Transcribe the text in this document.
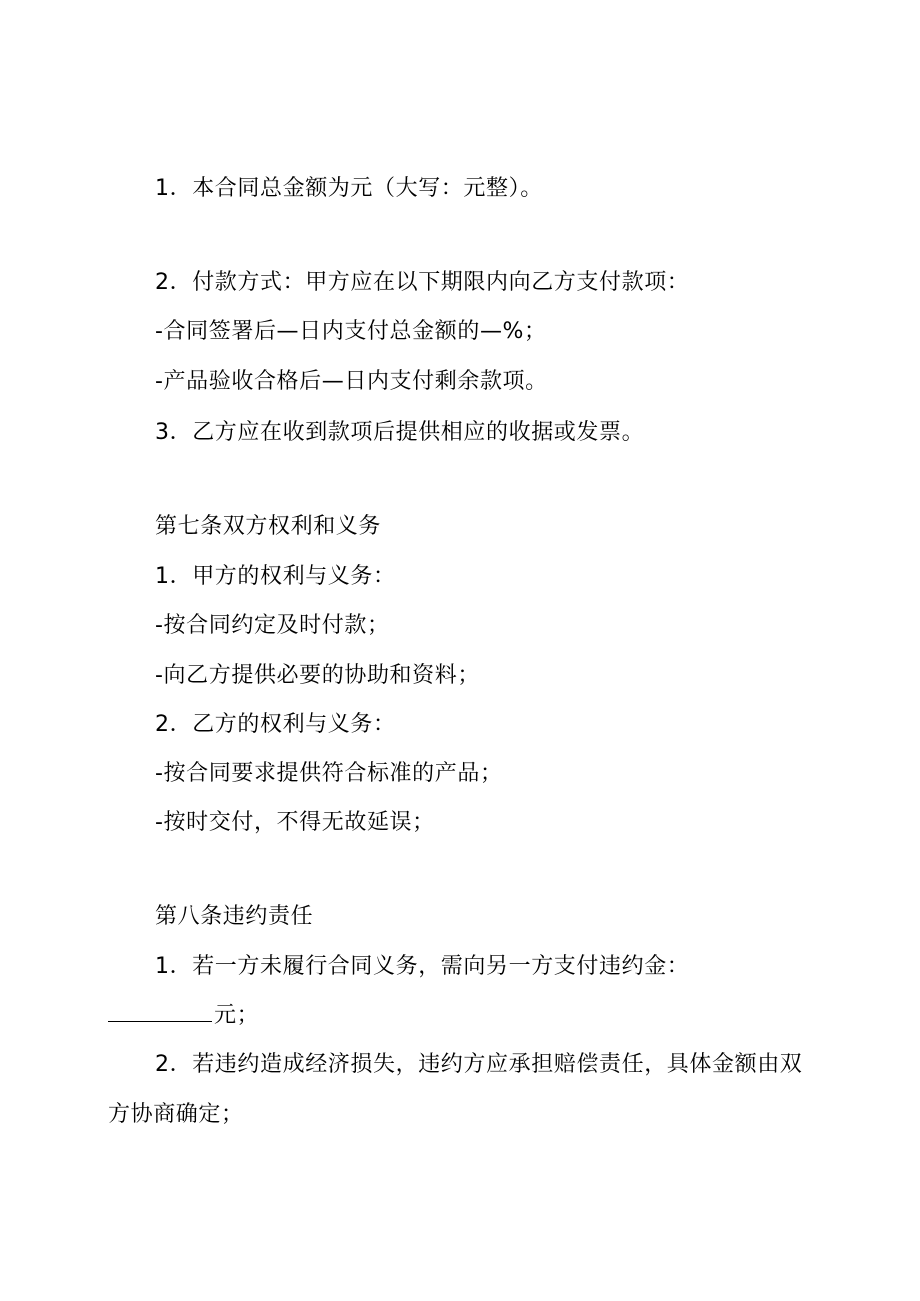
1．本合同总金额为元（大写：元整）。
2．付款方式：甲方应在以下期限内向乙方支付款项：
-合同签署后—日内支付总金额的—%；
-产品验收合格后—日内支付剩余款项。
3．乙方应在收到款项后提供相应的收据或发票。
第七条双方权利和义务
1．甲方的权利与义务：
-按合同约定及时付款；
-向乙方提供必要的协助和资料；
2．乙方的权利与义务：
-按合同要求提供符合标准的产品；
-按时交付，不得无故延误；
第八条违约责任
1．若一方未履行合同义务，需向另一方支付违约金：
元；
2．若违约造成经济损失，违约方应承担赔偿责任，具体金额由双
方协商确定；
